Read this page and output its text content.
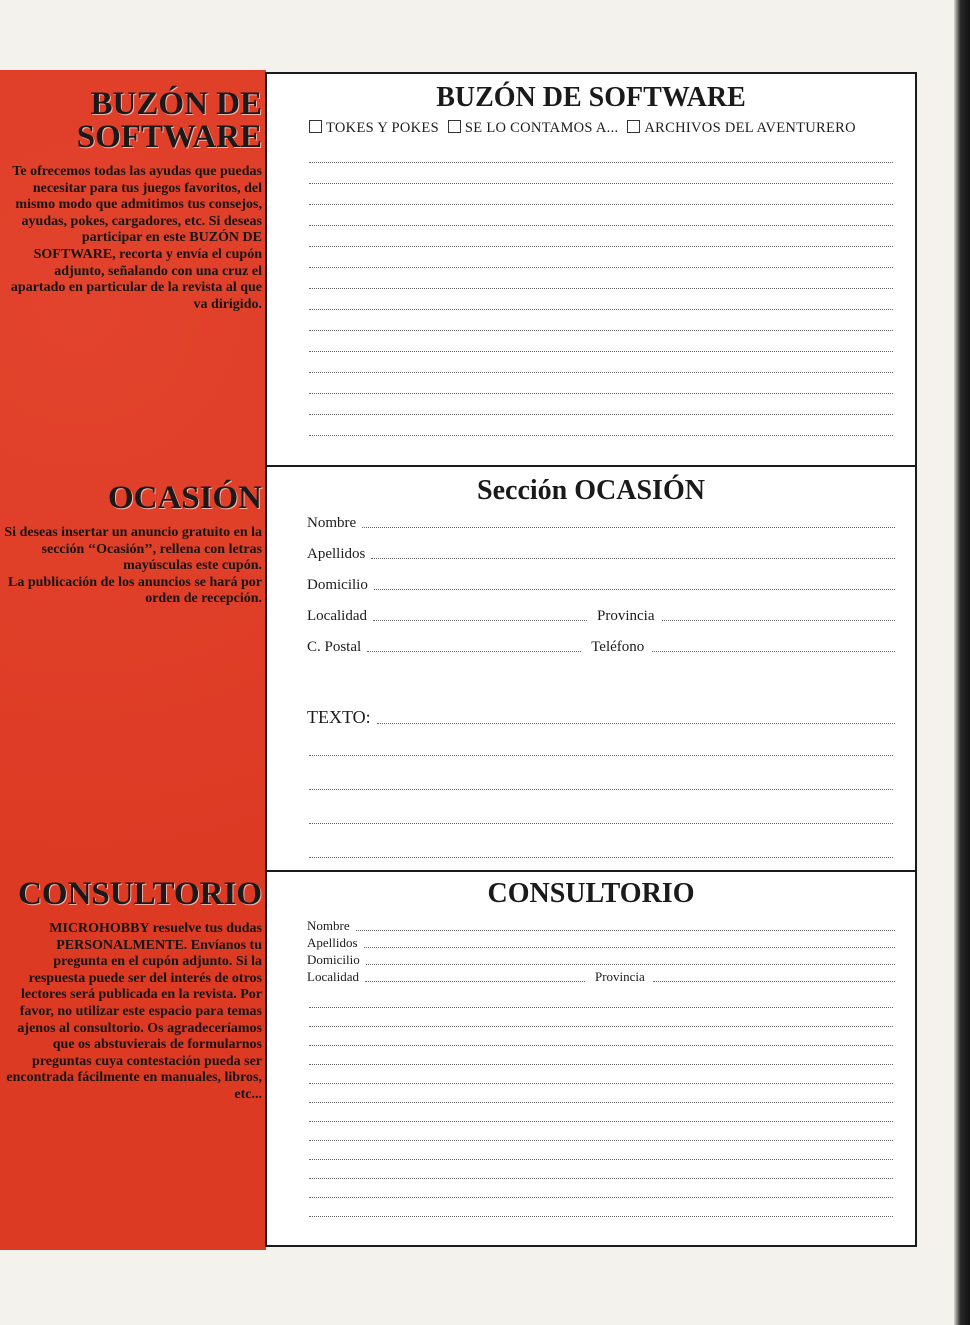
BUZÓN DE
SOFTWARE

Te ofrecemos todas las ayudas que puedas necesitar para tus juegos favoritos, del mismo modo que admitimos tus consejos, ayudas, pokes, cargadores, etc. Si deseas participar en este BUZÓN DE SOFTWARE, recorta y envía el cupón adjunto, señalando con una cruz el apartado en particular de la revista al que va dirigido.

OCASIÓN

Si deseas insertar un anuncio gratuito en la sección ‘‘Ocasión’’, rellena con letras mayúsculas este cupón.

La publicación de los anuncios se hará por orden de recepción.

CONSULTORIO

MICROHOBBY resuelve tus dudas PERSONALMENTE. Envíanos tu pregunta en el cupón adjunto. Si la respuesta puede ser del interés de otros lectores será publicada en la revista. Por favor, no utilizar este espacio para temas ajenos al consultorio. Os agradeceríamos que os abstuvierais de formularnos preguntas cuya contestación pueda ser encontrada fácilmente en manuales, libros, etc...

BUZÓN DE SOFTWARE
TOKES Y POKES SE LO CONTAMOS A... ARCHIVOS DEL AVENTURERO
Sección OCASIÓN
Nombre
Apellidos
Domicilio
Localidad	Provincia
C. Postal	Teléfono
TEXTO:
CONSULTORIO
Nombre
Apellidos
Domicilio
Localidad	Provincia
